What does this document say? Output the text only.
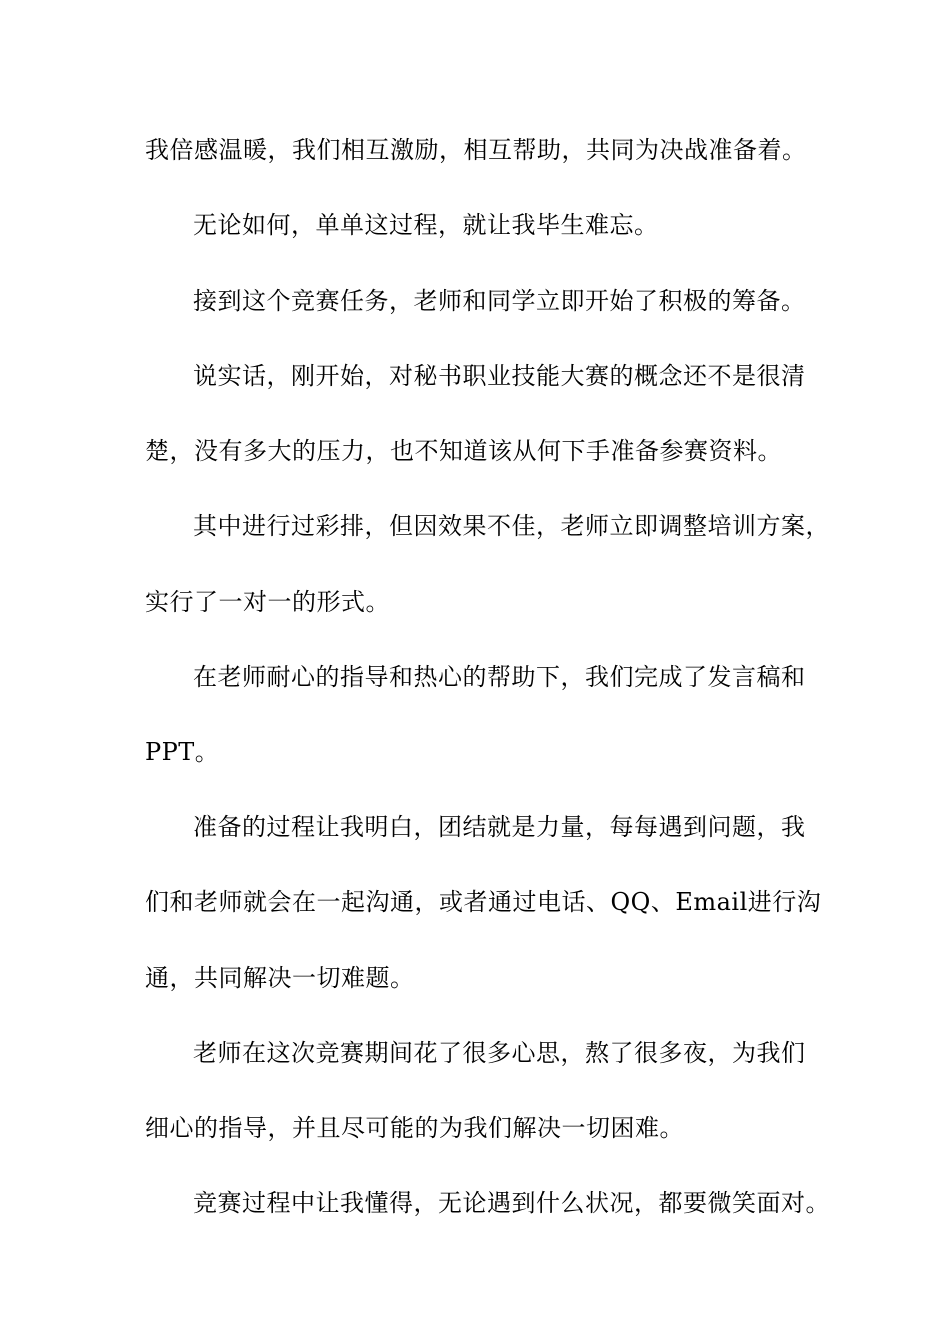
我倍感温暖，我们相互激励，相互帮助，共同为决战准备着。

无论如何，单单这过程，就让我毕生难忘。

接到这个竞赛任务，老师和同学立即开始了积极的筹备。

说实话，刚开始，对秘书职业技能大赛的概念还不是很清

楚，没有多大的压力，也不知道该从何下手准备参赛资料。

其中进行过彩排，但因效果不佳，老师立即调整培训方案，

实行了一对一的形式。

在老师耐心的指导和热心的帮助下，我们完成了发言稿和

PPT。

准备的过程让我明白，团结就是力量，每每遇到问题，我

们和老师就会在一起沟通，或者通过电话、QQ、Email进行沟

通，共同解决一切难题。

老师在这次竞赛期间花了很多心思，熬了很多夜，为我们

细心的指导，并且尽可能的为我们解决一切困难。

竞赛过程中让我懂得，无论遇到什么状况，都要微笑面对。
